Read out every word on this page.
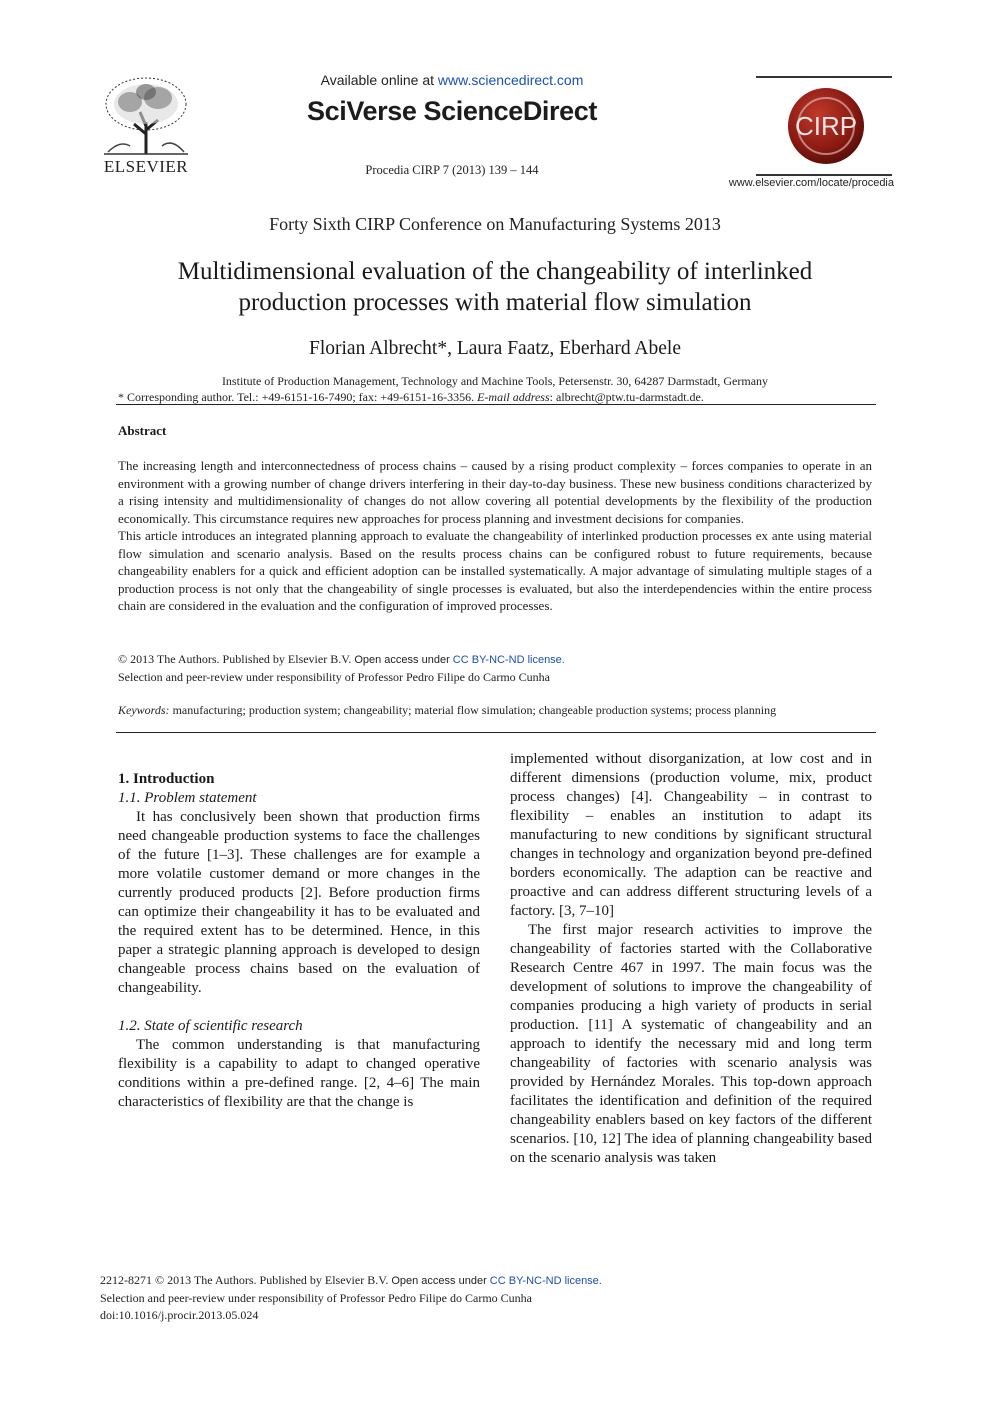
ELSEVIER
Available online at www.sciencedirect.com
SciVerse ScienceDirect
Procedia CIRP 7 (2013) 139 – 144
CIRP
www.elsevier.com/locate/procedia
Forty Sixth CIRP Conference on Manufacturing Systems 2013
Multidimensional evaluation of the changeability of interlinked
production processes with material flow simulation
Florian Albrecht*, Laura Faatz, Eberhard Abele
Institute of Production Management, Technology and Machine Tools, Petersenstr. 30, 64287 Darmstadt, Germany
* Corresponding author. Tel.: +49-6151-16-7490; fax: +49-6151-16-3356. E-mail address: albrecht@ptw.tu-darmstadt.de.
Abstract

The increasing length and interconnectedness of process chains – caused by a rising product complexity – forces companies to operate in an environment with a growing number of change drivers interfering in their day-to-day business. These new business conditions characterized by a rising intensity and multidimensionality of changes do not allow covering all potential developments by the flexibility of the production economically. This circumstance requires new approaches for process planning and investment decisions for companies.

This article introduces an integrated planning approach to evaluate the changeability of interlinked production processes ex ante using material flow simulation and scenario analysis. Based on the results process chains can be configured robust to future requirements, because changeability enablers for a quick and efficient adoption can be installed systematically. A major advantage of simulating multiple stages of a production process is not only that the changeability of single processes is evaluated, but also the interdependencies within the entire process chain are considered in the evaluation and the configuration of improved processes.

© 2013 The Authors. Published by Elsevier B.V. Open access under CC BY-NC-ND license.
Selection and peer-review under responsibility of Professor Pedro Filipe do Carmo Cunha
Keywords: manufacturing; production system; changeability; material flow simulation; changeable production systems; process planning

1. Introduction

1.1. Problem statement

It has conclusively been shown that production firms need changeable production systems to face the challenges of the future [1–3]. These challenges are for example a more volatile customer demand or more changes in the currently produced products [2]. Before production firms can optimize their changeability it has to be evaluated and the required extent has to be determined. Hence, in this paper a strategic planning approach is developed to design changeable process chains based on the evaluation of changeability.

1.2. State of scientific research

The common understanding is that manufacturing flexibility is a capability to adapt to changed operative conditions within a pre-defined range. [2, 4–6] The main characteristics of flexibility are that the change is

implemented without disorganization, at low cost and in different dimensions (production volume, mix, product process changes) [4]. Changeability – in contrast to flexibility – enables an institution to adapt its manufacturing to new conditions by significant structural changes in technology and organization beyond pre-defined borders economically. The adaption can be reactive and proactive and can address different structuring levels of a factory. [3, 7–10]

The first major research activities to improve the changeability of factories started with the Collaborative Research Centre 467 in 1997. The main focus was the development of solutions to improve the changeability of companies producing a high variety of products in serial production. [11] A systematic of changeability and an approach to identify the necessary mid and long term changeability of factories with scenario analysis was provided by Hernández Morales. This top-down approach facilitates the identification and definition of the required changeability enablers based on key factors of the different scenarios. [10, 12] The idea of planning changeability based on the scenario analysis was taken

2212-8271 © 2013 The Authors. Published by Elsevier B.V. Open access under CC BY-NC-ND license.
Selection and peer-review under responsibility of Professor Pedro Filipe do Carmo Cunha
doi:10.1016/j.procir.2013.05.024
